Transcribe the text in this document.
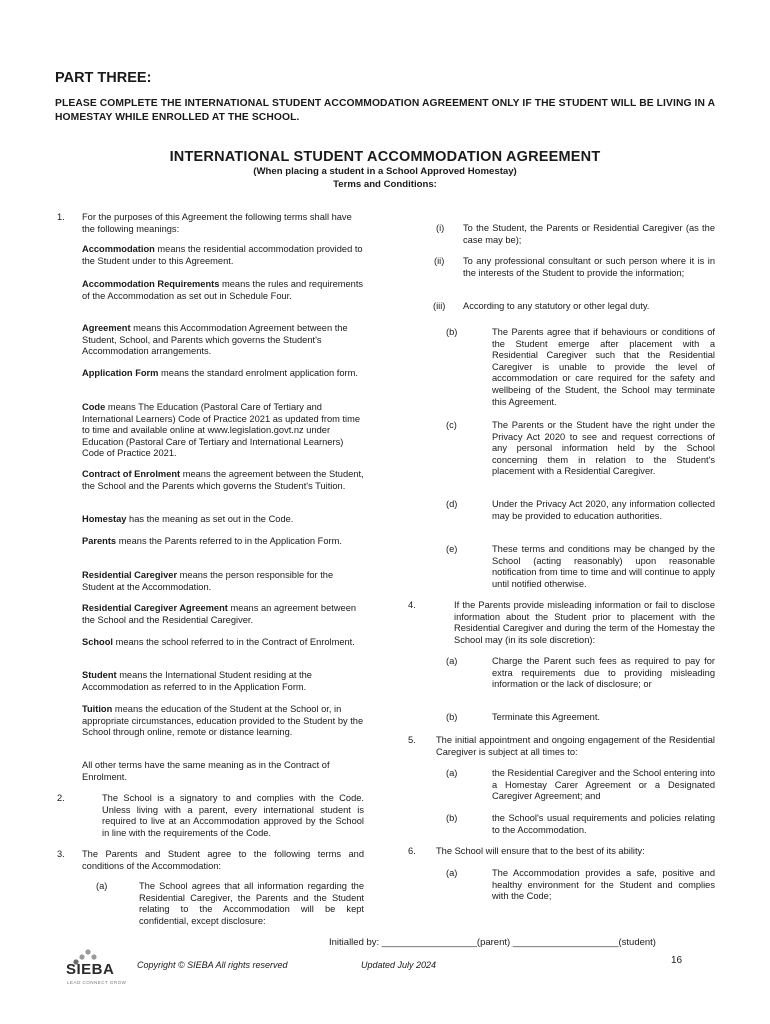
PART THREE:
PLEASE COMPLETE THE INTERNATIONAL STUDENT ACCOMMODATION AGREEMENT ONLY IF THE STUDENT WILL BE LIVING IN A HOMESTAY WHILE ENROLLED AT THE SCHOOL.
INTERNATIONAL STUDENT ACCOMMODATION AGREEMENT
(When placing a student in a School Approved Homestay)
Terms and Conditions:
1. For the purposes of this Agreement the following terms shall have the following meanings:
Accommodation means the residential accommodation provided to the Student under to this Agreement.
Accommodation Requirements means the rules and requirements of the Accommodation as set out in Schedule Four.
Agreement means this Accommodation Agreement between the Student, School, and Parents which governs the Student's Accommodation arrangements.
Application Form means the standard enrolment application form.
Code means The Education (Pastoral Care of Tertiary and International Learners) Code of Practice 2021 as updated from time to time and available online at www.legislation.govt.nz under Education (Pastoral Care of Tertiary and International Learners) Code of Practice 2021.
Contract of Enrolment means the agreement between the Student, the School and the Parents which governs the Student's Tuition.
Homestay has the meaning as set out in the Code.
Parents means the Parents referred to in the Application Form.
Residential Caregiver means the person responsible for the Student at the Accommodation.
Residential Caregiver Agreement means an agreement between the School and the Residential Caregiver.
School means the school referred to in the Contract of Enrolment.
Student means the International Student residing at the Accommodation as referred to in the Application Form.
Tuition means the education of the Student at the School or, in appropriate circumstances, education provided to the Student by the School through online, remote or distance learning.
All other terms have the same meaning as in the Contract of Enrolment.
2.	The School is a signatory to and complies with the Code. Unless living with a parent, every international student is required to live at an Accommodation approved by the School in line with the requirements of the Code.
3. The Parents and Student agree to the following terms and conditions of the Accommodation:
(a)	The School agrees that all information regarding the Residential Caregiver, the Parents and the Student relating to the Accommodation will be kept confidential, except disclosure:
(i) To the Student, the Parents or Residential Caregiver (as the case may be);
(ii) To any professional consultant or such person where it is in the interests of the Student to provide the information;
(iii) According to any statutory or other legal duty.
(b)	The Parents agree that if behaviours or conditions of the Student emerge after placement with a Residential Caregiver such that the Residential Caregiver is unable to provide the level of accommodation or care required for the safety and wellbeing of the Student, the School may terminate this Agreement.
(c)	The Parents or the Student have the right under the Privacy Act 2020 to see and request corrections of any personal information held by the School concerning them in relation to the Student's placement with a Residential Caregiver.
(d)	Under the Privacy Act 2020, any information collected may be provided to education authorities.
(e)	These terms and conditions may be changed by the School (acting reasonably) upon reasonable notification from time to time and will continue to apply until notified otherwise.
4.	If the Parents provide misleading information or fail to disclose information about the Student prior to placement with the Residential Caregiver and during the term of the Homestay the School may (in its sole discretion):
(a)	Charge the Parent such fees as required to pay for extra requirements due to providing misleading information or the lack of disclosure; or
(b)	Terminate this Agreement.
5. The initial appointment and ongoing engagement of the Residential Caregiver is subject at all times to:
(a)	the Residential Caregiver and the School entering into a Homestay Carer Agreement or a Designated Caregiver Agreement; and
(b)	the School's usual requirements and policies relating to the Accommodation.
6. The School will ensure that to the best of its ability:
(a)	The Accommodation provides a safe, positive and healthy environment for the Student and complies with the Code;
Initialled by: __________________(parent) ____________________(student)
16
SIEBA
LEAD CONNECT GROW
Copyright © SIEBA All rights reserved	Updated July 2024
